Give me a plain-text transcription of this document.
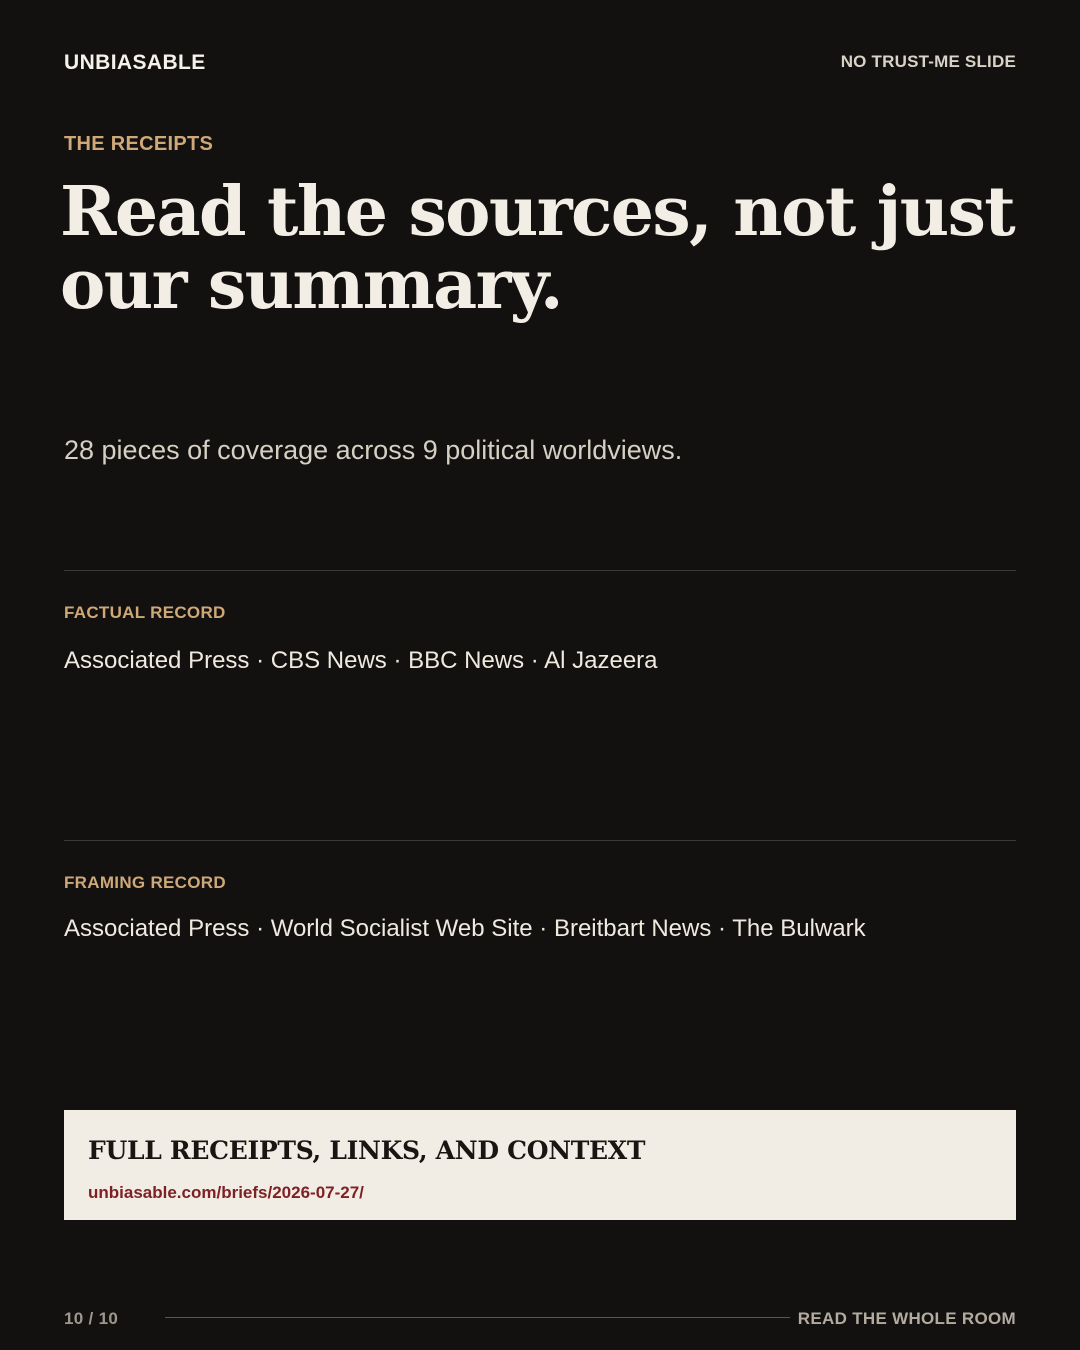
UNBIASABLE	NO TRUST-ME SLIDE
THE RECEIPTS
Read the sources, not just our summary.
28 pieces of coverage across 9 political worldviews.
FACTUAL RECORD
Associated Press · CBS News · BBC News · Al Jazeera
FRAMING RECORD
Associated Press · World Socialist Web Site · Breitbart News · The Bulwark
FULL RECEIPTS, LINKS, AND CONTEXT
unbiasable.com/briefs/2026-07-27/
10 / 10	READ THE WHOLE ROOM
